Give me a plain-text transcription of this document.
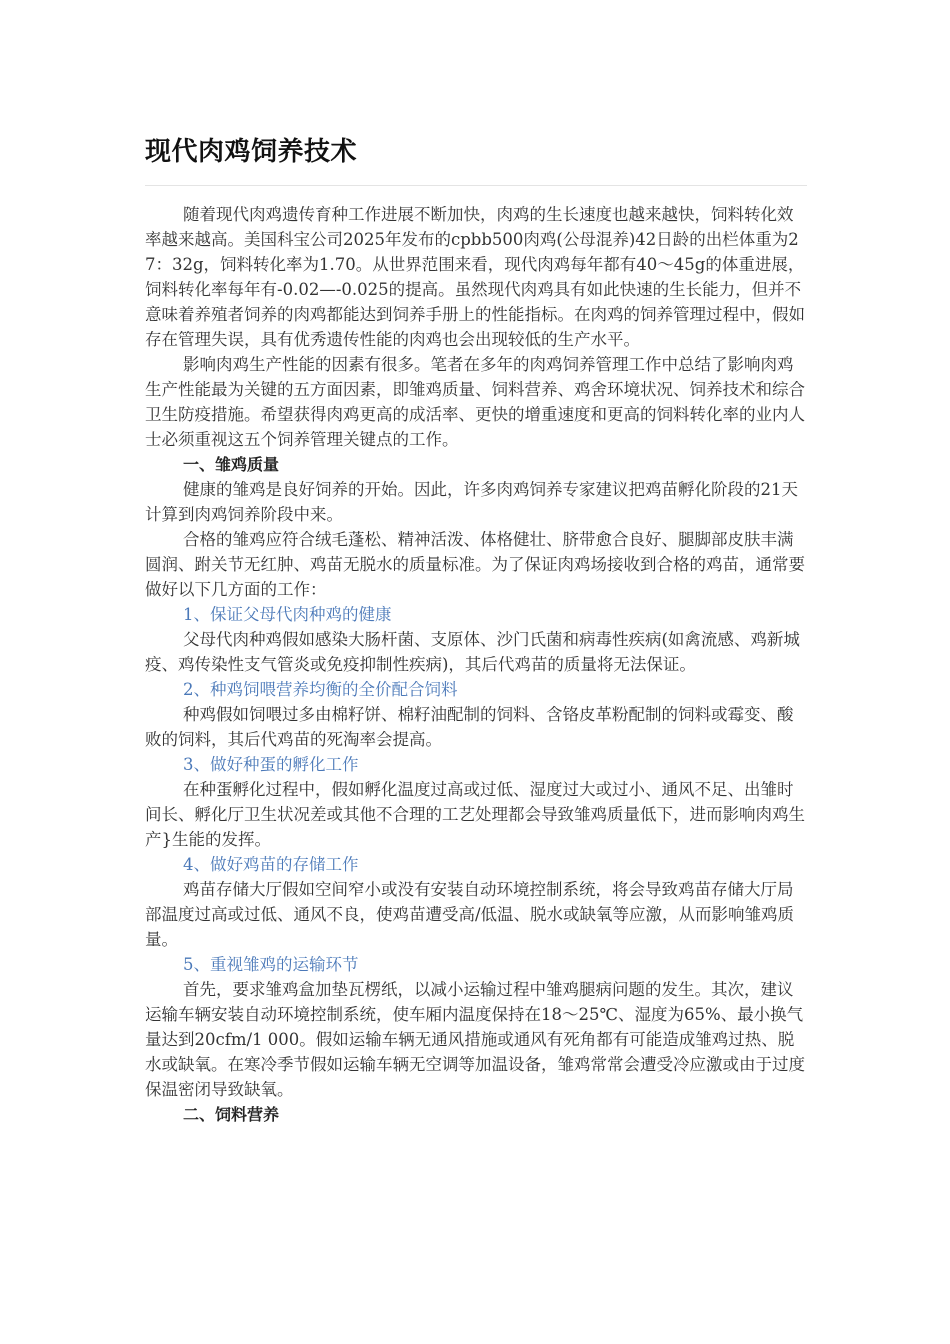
现代肉鸡饲养技术

随着现代肉鸡遗传育种工作进展不断加快，肉鸡的生长速度也越来越快，饲料转化效率越来越高。美国科宝公司2025年发布的cpbb500肉鸡(公母混养)42日龄的出栏体重为2 7：32g，饲料转化率为1.70。从世界范围来看，现代肉鸡每年都有40～45g的体重进展，饲料转化率每年有-0.02—-0.025的提高。虽然现代肉鸡具有如此快速的生长能力，但并不意味着养殖者饲养的肉鸡都能达到饲养手册上的性能指标。在肉鸡的饲养管理过程中，假如存在管理失误，具有优秀遗传性能的肉鸡也会出现较低的生产水平。

影响肉鸡生产性能的因素有很多。笔者在多年的肉鸡饲养管理工作中总结了影响肉鸡生产性能最为关键的五方面因素，即雏鸡质量、饲料营养、鸡舍环境状况、饲养技术和综合卫生防疫措施。希望获得肉鸡更高的成活率、更快的增重速度和更高的饲料转化率的业内人士必须重视这五个饲养管理关键点的工作。

一、雏鸡质量

健康的雏鸡是良好饲养的开始。因此，许多肉鸡饲养专家建议把鸡苗孵化阶段的21天计算到肉鸡饲养阶段中来。

合格的雏鸡应符合绒毛蓬松、精神活泼、体格健壮、脐带愈合良好、腿脚部皮肤丰满圆润、跗关节无红肿、鸡苗无脱水的质量标准。为了保证肉鸡场接收到合格的鸡苗，通常要做好以下几方面的工作：

1、保证父母代肉种鸡的健康

父母代肉种鸡假如感染大肠杆菌、支原体、沙门氏菌和病毒性疾病(如禽流感、鸡新城疫、鸡传染性支气管炎或免疫抑制性疾病)，其后代鸡苗的质量将无法保证。

2、种鸡饲喂营养均衡的全价配合饲料

种鸡假如饲喂过多由棉籽饼、棉籽油配制的饲料、含铬皮革粉配制的饲料或霉变、酸败的饲料，其后代鸡苗的死淘率会提高。

3、做好种蛋的孵化工作

在种蛋孵化过程中，假如孵化温度过高或过低、湿度过大或过小、通风不足、出雏时间长、孵化厅卫生状况差或其他不合理的工艺处理都会导致雏鸡质量低下，进而影响肉鸡生产}生能的发挥。

4、做好鸡苗的存储工作

鸡苗存储大厅假如空间窄小或没有安装自动环境控制系统，将会导致鸡苗存储大厅局部温度过高或过低、通风不良，使鸡苗遭受高/低温、脱水或缺氧等应激，从而影响雏鸡质量。

5、重视雏鸡的运输环节

首先，要求雏鸡盒加垫瓦楞纸，以减小运输过程中雏鸡腿病问题的发生。其次，建议运输车辆安装自动环境控制系统，使车厢内温度保持在18～25℃、湿度为65%、最小换气量达到20cfm/1 000。假如运输车辆无通风措施或通风有死角都有可能造成雏鸡过热、脱水或缺氧。在寒冷季节假如运输车辆无空调等加温设备，雏鸡常常会遭受冷应激或由于过度保温密闭导致缺氧。

二、饲料营养
